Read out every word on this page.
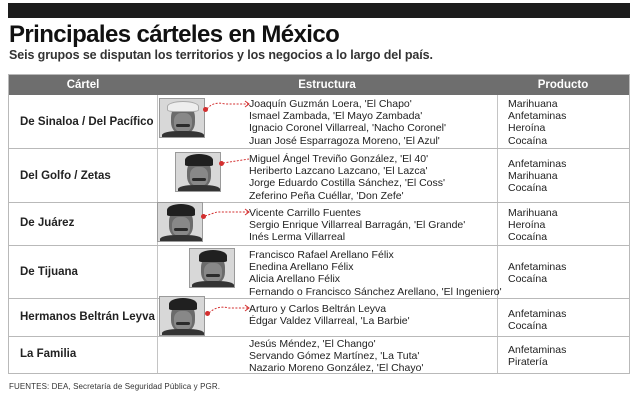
Principales cárteles en México
Seis grupos se disputan los territorios y los negocios a lo largo del país.
Cártel	Estructura	Producto
De Sinaloa / Del Pacífico
Joaquín Guzmán Loera, 'El Chapo'
Ismael Zambada, 'El Mayo Zambada'
Ignacio Coronel Villarreal, 'Nacho Coronel'
Juan José Esparragoza Moreno, 'El Azul'
Marihuana
Anfetaminas
Heroína
Cocaína
Del Golfo / Zetas
Miguel Ángel Treviño González, 'El 40'
Heriberto Lazcano Lazcano, 'El Lazca'
Jorge Eduardo Costilla Sánchez, 'El Coss'
Zeferino Peña Cuéllar, 'Don Zefe'
Anfetaminas
Marihuana
Cocaína
De Juárez
Vicente Carrillo Fuentes
Sergio Enrique Villarreal Barragán, 'El Grande'
Inés Lerma Villarreal
Marihuana
Heroína
Cocaína
De Tijuana
Francisco Rafael Arellano Félix
Enedina Arellano Félix
Alicia Arellano Félix
Fernando o Francisco Sánchez Arellano, 'El Ingeniero'
Anfetaminas
Cocaína
Hermanos Beltrán Leyva
Arturo y Carlos Beltrán Leyva
Édgar Valdez Villarreal, 'La Barbie'
Anfetaminas
Cocaína
La Familia
Jesús Méndez, 'El Chango'
Servando Gómez Martínez, 'La Tuta'
Nazario Moreno González, 'El Chayo'
Anfetaminas
Piratería
FUENTES: DEA, Secretaría de Seguridad Pública y PGR.
